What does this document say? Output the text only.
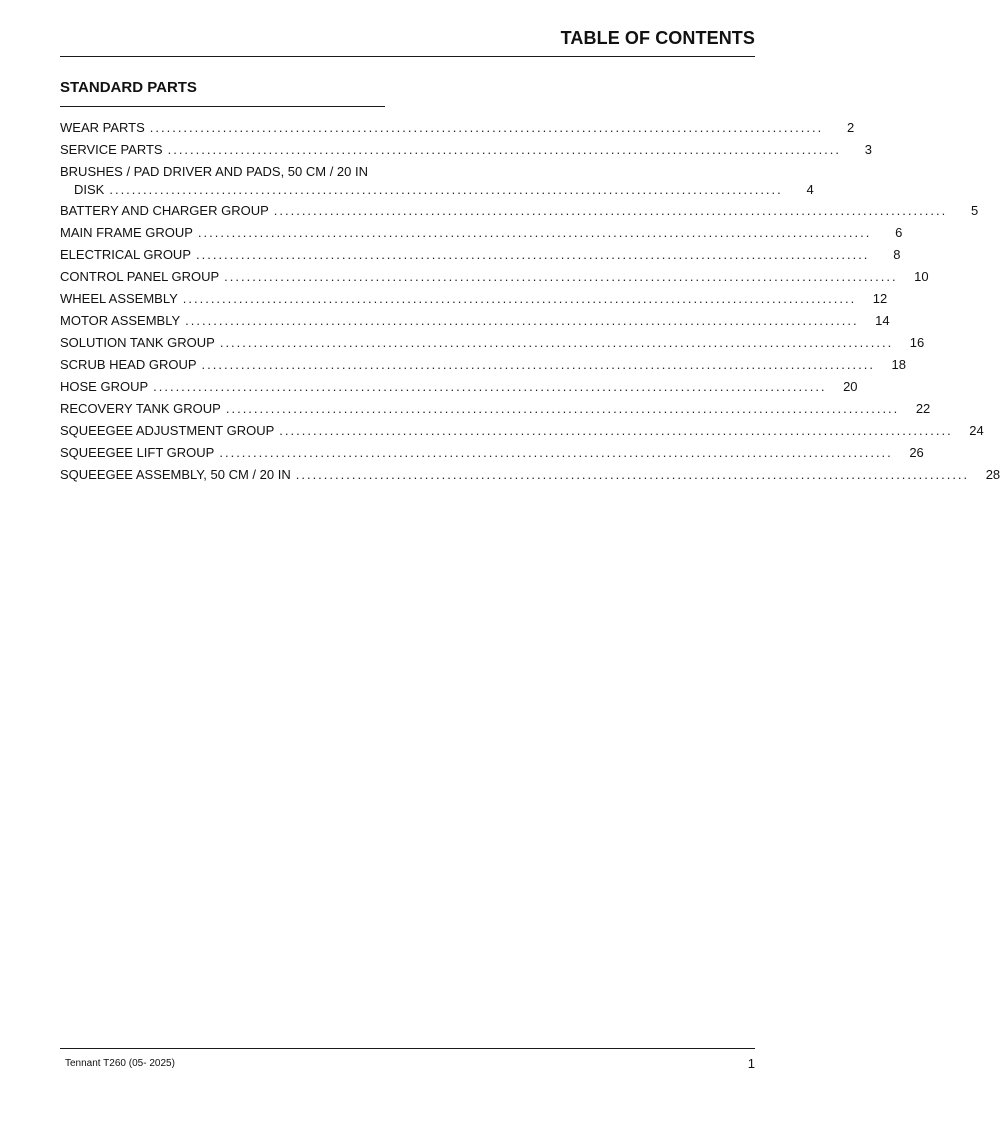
TABLE OF CONTENTS
STANDARD PARTS
WEAR PARTS ........................................................................................................................	2
SERVICE PARTS ........................................................................................................................	3
BRUSHES / PAD DRIVER AND PADS, 50 CM / 20 IN
DISK ........................................................................................................................	4
BATTERY AND CHARGER GROUP ........................................................................................................................	5
MAIN FRAME GROUP ........................................................................................................................	6
ELECTRICAL GROUP ........................................................................................................................	8
CONTROL PANEL GROUP ........................................................................................................................	10
WHEEL ASSEMBLY ........................................................................................................................	12
MOTOR ASSEMBLY ........................................................................................................................	14
SOLUTION TANK GROUP ........................................................................................................................	16
SCRUB HEAD GROUP ........................................................................................................................	18
HOSE GROUP ........................................................................................................................	20
RECOVERY TANK GROUP ........................................................................................................................	22
SQUEEGEE ADJUSTMENT GROUP ........................................................................................................................	24
SQUEEGEE LIFT GROUP ........................................................................................................................	26
SQUEEGEE ASSEMBLY, 50 CM / 20 IN ........................................................................................................................	28
Tennant T260 (05- 2025)	1
